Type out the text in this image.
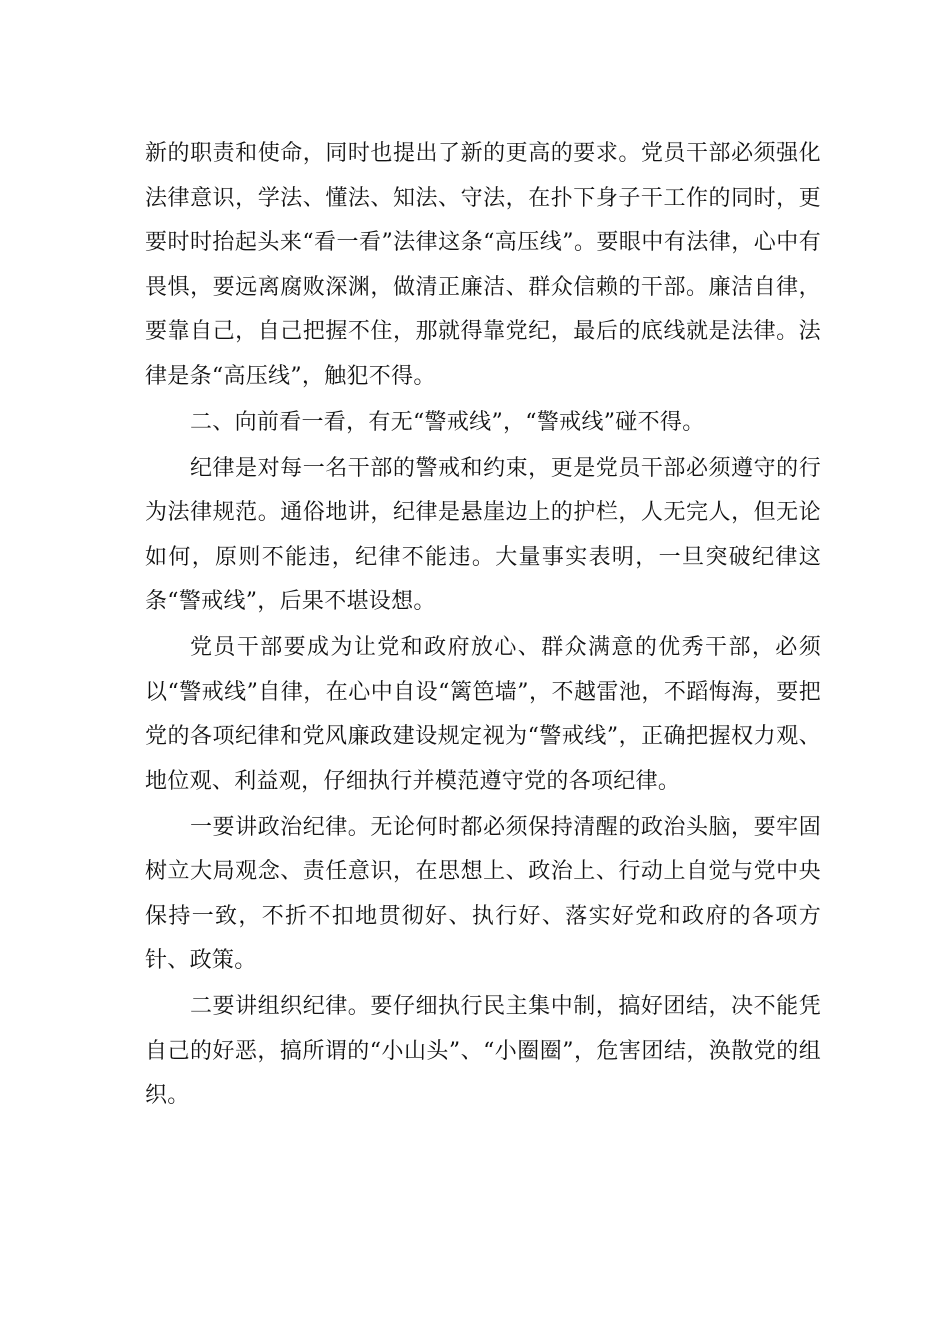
新的职责和使命，同时也提出了新的更高的要求。党员干部必须强化法律意识，学法、懂法、知法、守法，在扑下身子干工作的同时，更要时时抬起头来“看一看”法律这条“高压线”。要眼中有法律，心中有畏惧，要远离腐败深渊，做清正廉洁、群众信赖的干部。廉洁自律，要靠自己，自己把握不住，那就得靠党纪，最后的底线就是法律。法律是条“高压线”，触犯不得。

二、向前看一看，有无“警戒线”，“警戒线”碰不得。

纪律是对每一名干部的警戒和约束，更是党员干部必须遵守的行为法律规范。通俗地讲，纪律是悬崖边上的护栏，人无完人，但无论如何，原则不能违，纪律不能违。大量事实表明，一旦突破纪律这条“警戒线”，后果不堪设想。

党员干部要成为让党和政府放心、群众满意的优秀干部，必须以“警戒线”自律，在心中自设“篱笆墙”，不越雷池，不蹈悔海，要把党的各项纪律和党风廉政建设规定视为“警戒线”，正确把握权力观、地位观、利益观，仔细执行并模范遵守党的各项纪律。

一要讲政治纪律。无论何时都必须保持清醒的政治头脑，要牢固树立大局观念、责任意识，在思想上、政治上、行动上自觉与党中央保持一致，不折不扣地贯彻好、执行好、落实好党和政府的各项方针、政策。

二要讲组织纪律。要仔细执行民主集中制，搞好团结，决不能凭自己的好恶，搞所谓的“小山头”、“小圈圈”，危害团结，涣散党的组织。
